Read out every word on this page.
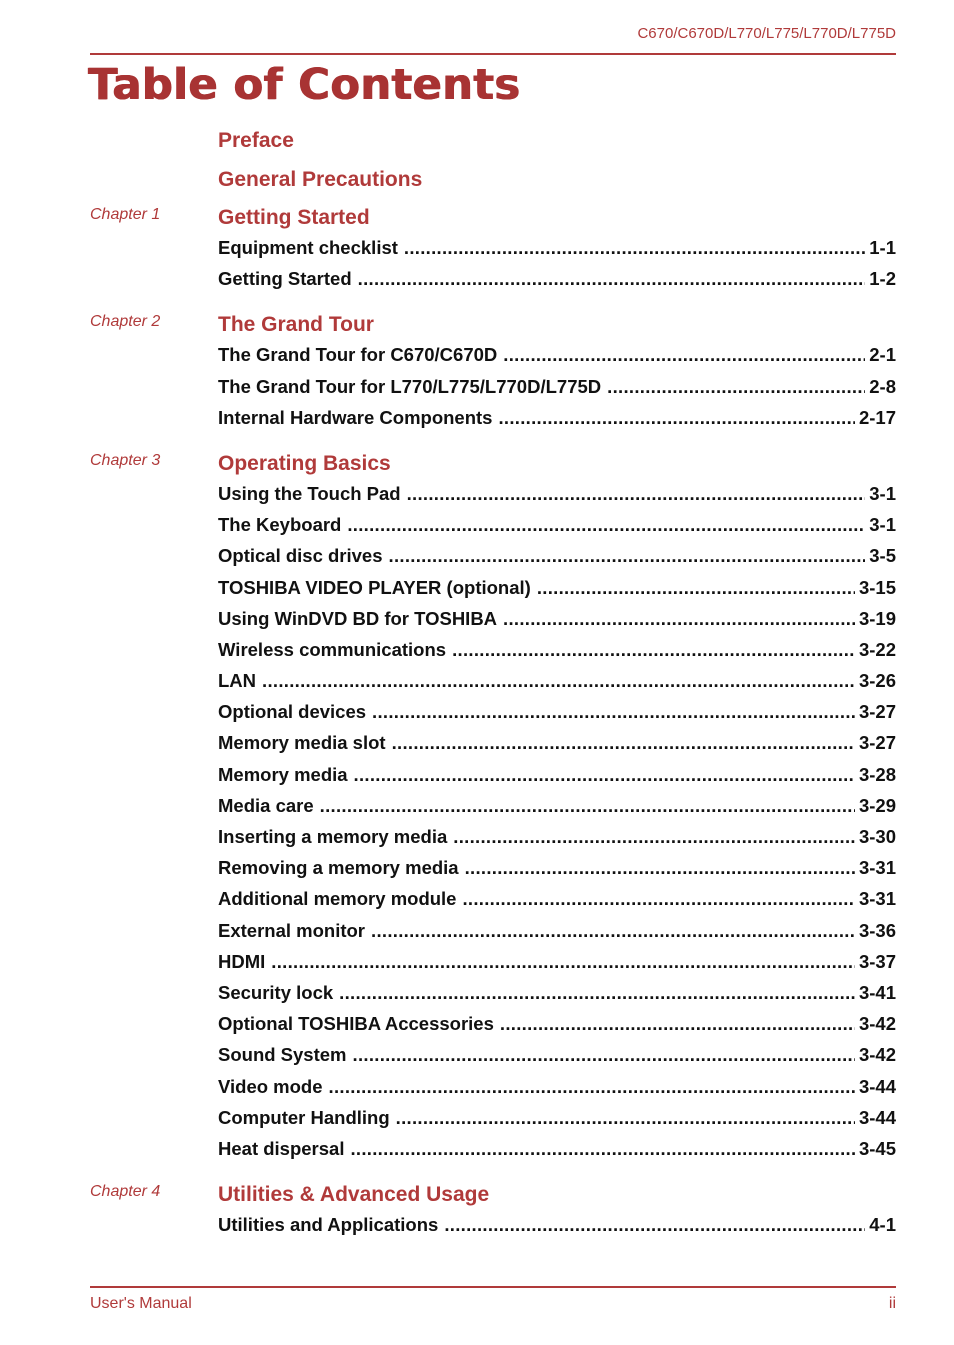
C670/C670D/L770/L775/L770D/L775D
Table of Contents
Preface
General Precautions
Chapter 1	Getting Started
Equipment checklist .....	1-1
Getting Started .....	1-2
Chapter 2	The Grand Tour
The Grand Tour for C670/C670D .....	2-1
The Grand Tour for L770/L775/L770D/L775D .....	2-8
Internal Hardware Components .....	2-17
Chapter 3	Operating Basics
Using the Touch Pad .....	3-1
The Keyboard .....	3-1
Optical disc drives .....	3-5
TOSHIBA VIDEO PLAYER (optional) .....	3-15
Using WinDVD BD for TOSHIBA .....	3-19
Wireless communications .....	3-22
LAN .....	3-26
Optional devices .....	3-27
Memory media slot .....	3-27
Memory media .....	3-28
Media care .....	3-29
Inserting a memory media .....	3-30
Removing a memory media .....	3-31
Additional memory module .....	3-31
External monitor .....	3-36
HDMI .....	3-37
Security lock .....	3-41
Optional TOSHIBA Accessories .....	3-42
Sound System .....	3-42
Video mode .....	3-44
Computer Handling .....	3-44
Heat dispersal .....	3-45
Chapter 4	Utilities & Advanced Usage
Utilities and Applications .....	4-1
User's Manual	ii
